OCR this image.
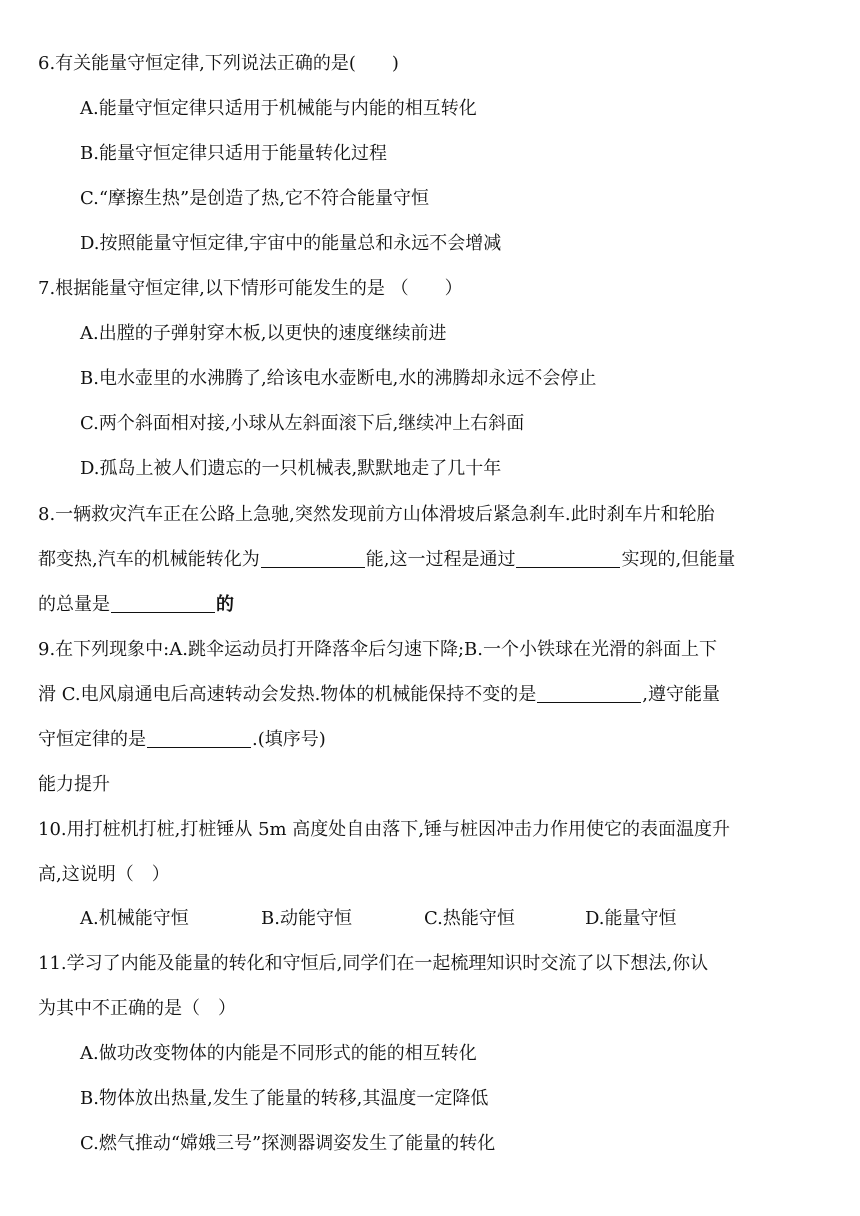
6.有关能量守恒定律,下列说法正确的是(　　)
A.能量守恒定律只适用于机械能与内能的相互转化
B.能量守恒定律只适用于能量转化过程
C.“摩擦生热”是创造了热,它不符合能量守恒
D.按照能量守恒定律,宇宙中的能量总和永远不会增减
7.根据能量守恒定律,以下情形可能发生的是 （　　）
A.出膛的子弹射穿木板,以更快的速度继续前进
B.电水壶里的水沸腾了,给该电水壶断电,水的沸腾却永远不会停止
C.两个斜面相对接,小球从左斜面滚下后,继续冲上右斜面
D.孤岛上被人们遗忘的一只机械表,默默地走了几十年
8.一辆救灾汽车正在公路上急驰,突然发现前方山体滑坡后紧急刹车.此时刹车片和轮胎
都变热,汽车的机械能转化为	能,这一过程是通过	实现的,但能量
的总量是	的
9.在下列现象中:A.跳伞运动员打开降落伞后匀速下降;B.一个小铁球在光滑的斜面上下
滑 C.电风扇通电后高速转动会发热.物体的机械能保持不变的是	,遵守能量
守恒定律的是	.(填序号)
能力提升
10.用打桩机打桩,打桩锤从 5m 高度处自由落下,锤与桩因冲击力作用使它的表面温度升
高,这说明（　）
A.机械能守恒	B.动能守恒	C.热能守恒	D.能量守恒
11.学习了内能及能量的转化和守恒后,同学们在一起梳理知识时交流了以下想法,你认
为其中不正确的是（　）
A.做功改变物体的内能是不同形式的能的相互转化
B.物体放出热量,发生了能量的转移,其温度一定降低
C.燃气推动“嫦娥三号”探测器调姿发生了能量的转化
